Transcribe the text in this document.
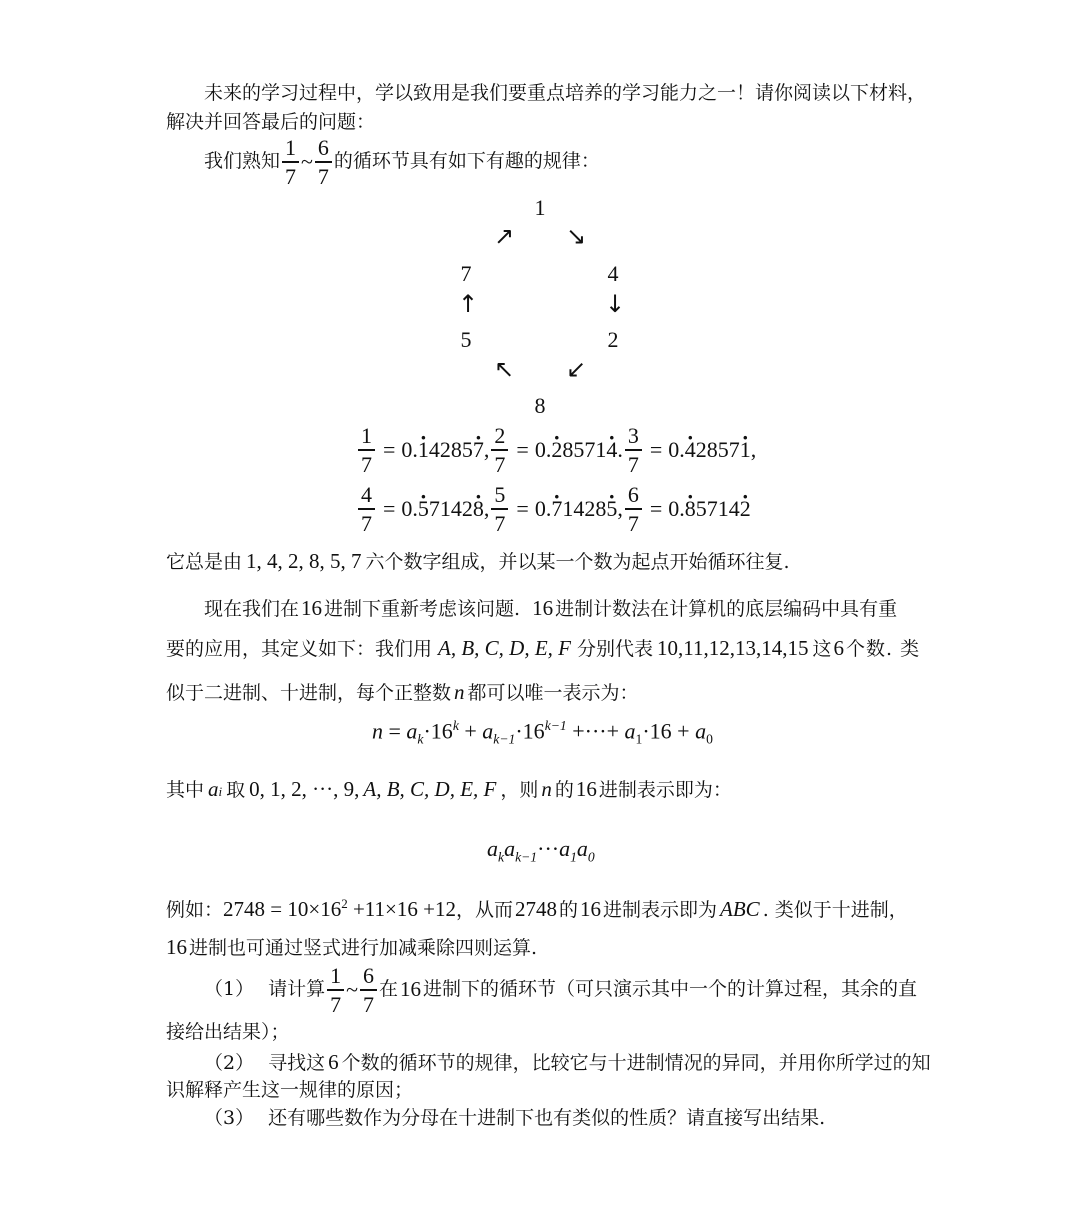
未来的学习过程中，学以致用是我们要重点培养的学习能力之一！请你阅读以下材料，
解决并回答最后的问题：
我们熟知 $\frac{1}{7}$ ~ $\frac{6}{7}$ 的循环节具有如下有趣的规律：
1
↗ ↘
7	4
↑	↓
5	2
↖ ↙
8
$\frac{1}{7} = 0$. · 14285· 7 , $\frac{2}{7} = 0$. · 28571· 4 . $\frac{3}{7} = 0$. · 42857· 1 ,
$\frac{4}{7} = 0$. · 57142· 8 , $\frac{5}{7} = 0$. · 71428· 5 , $\frac{6}{7} = 0$. · 85714· 2
它总是由 1, 4, 2, 8, 5, 7 六个数字组成，并以某一个数为起点开始循环往复.
现在我们在 16 进制下重新考虑该问题. 16 进制计数法在计算机的底层编码中具有重
要的应用，其定义如下：我们用 A, B, C, D, E, F 分别代表 10,11,12,13,14,15 这 6 个数. 类
似于二进制、十进制，每个正整数 n 都可以唯一表示为：
$n = a_k\cdot 16^k + a_{k-1}\cdot 16^{k-1}$ +···+ $a_1\cdot 16 + a_0$
其中 a i 取 0, 1, 2, ···, 9, A, B, C, D, E, F ，则 n 的 16 进制表示即为：
$a_ka_{k-1}\cdot\cdot\cdot a_1a_0$
例如： $2748 = 10\times 16^2 +11\times 16 +12$ ，从而 2748 的 16 进制表示即为 ABC . 类似于十进制，
16 进制也可通过竖式进行加减乘除四则运算.
（1） 请计算 $\frac{1}{7}$ ~ $\frac{6}{7}$ 在 16 进制下的循环节（可只演示其中一个的计算过程，其余的直
接给出结果）；
（2） 寻找这 6 个数的循环节的规律，比较它与十进制情况的异同，并用你所学过的知
识解释产生这一规律的原因；
（3） 还有哪些数作为分母在十进制下也有类似的性质？请直接写出结果.
